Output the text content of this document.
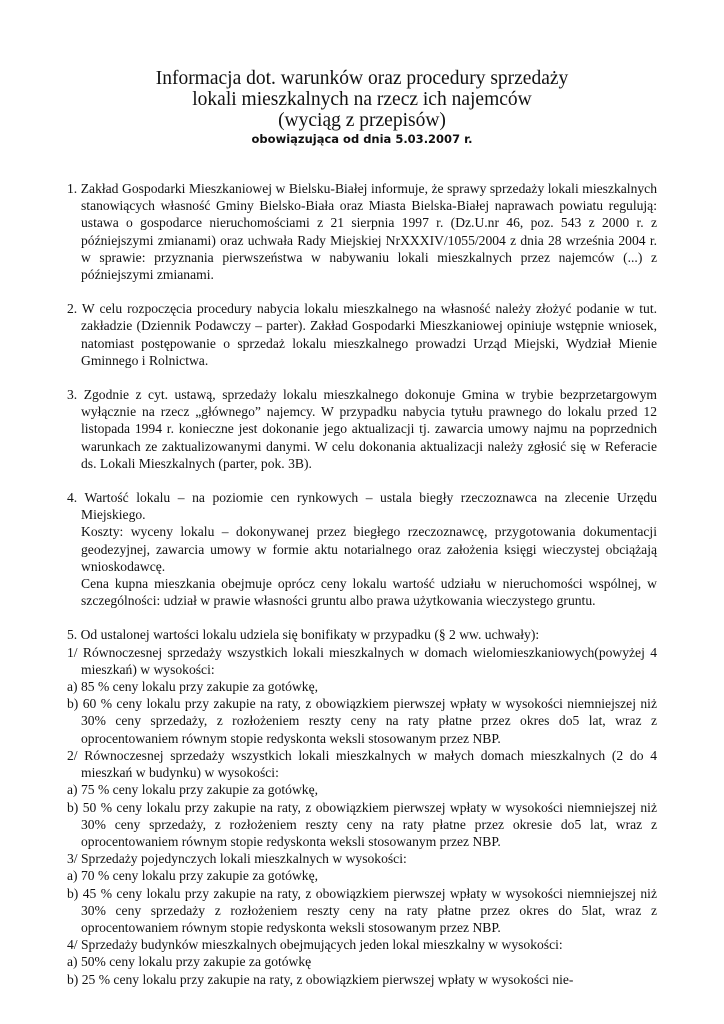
Informacja dot. warunków oraz procedury sprzedaży
lokali mieszkalnych na rzecz ich najemców
(wyciąg z przepisów)
obowiązująca od dnia 5.03.2007 r.
1. Zakład Gospodarki Mieszkaniowej w Bielsku-Białej informuje, że sprawy sprzedaży lokali mieszkalnych stanowiących własność Gminy Bielsko-Biała oraz Miasta Bielska-Białej naprawach powiatu regulują: ustawa o gospodarce nieruchomościami z 21 sierpnia 1997 r. (Dz.U.nr 46, poz. 543 z 2000 r. z późniejszymi zmianami) oraz uchwała Rady Miejskiej NrXXXIV/1055/2004 z dnia 28 września 2004 r. w sprawie: przyznania pierwszeństwa w nabywaniu lokali mieszkalnych przez najemców (...) z późniejszymi zmianami.
2. W celu rozpoczęcia procedury nabycia lokalu mieszkalnego na własność należy złożyć podanie w tut. zakładzie (Dziennik Podawczy – parter). Zakład Gospodarki Mieszkaniowej opiniuje wstępnie wniosek, natomiast postępowanie o sprzedaż lokalu mieszkalnego prowadzi Urząd Miejski, Wydział Mienie Gminnego i Rolnictwa.
3. Zgodnie z cyt. ustawą, sprzedaży lokalu mieszkalnego dokonuje Gmina w trybie bezprzetargowym wyłącznie na rzecz „głównego” najemcy. W przypadku nabycia tytułu prawnego do lokalu przed 12 listopada 1994 r. konieczne jest dokonanie jego aktualizacji tj. zawarcia umowy najmu na poprzednich warunkach ze zaktualizowanymi danymi. W celu dokonania aktualizacji należy zgłosić się w Referacie ds. Lokali Mieszkalnych (parter, pok. 3B).
4. Wartość lokalu – na poziomie cen rynkowych – ustala biegły rzeczoznawca na zlecenie Urzędu Miejskiego.
Koszty: wyceny lokalu – dokonywanej przez biegłego rzeczoznawcę, przygotowania dokumentacji geodezyjnej, zawarcia umowy w formie aktu notarialnego oraz założenia księgi wieczystej obciążają wnioskodawcę.
Cena kupna mieszkania obejmuje oprócz ceny lokalu wartość udziału w nieruchomości wspólnej, w szczególności: udział w prawie własności gruntu albo prawa użytkowania wieczystego gruntu.
5. Od ustalonej wartości lokalu udziela się bonifikaty w przypadku (§ 2 ww. uchwały):
1/ Równoczesnej sprzedaży wszystkich lokali mieszkalnych w domach wielomieszkaniowych(powyżej 4 mieszkań) w wysokości:
a) 85 % ceny lokalu przy zakupie za gotówkę,
b) 60 % ceny lokalu przy zakupie na raty, z obowiązkiem pierwszej wpłaty w wysokości niemniejszej niż 30% ceny sprzedaży, z rozłożeniem reszty ceny na raty płatne przez okres do5 lat, wraz z oprocentowaniem równym stopie redyskonta weksli stosowanym przez NBP.
2/ Równoczesnej sprzedaży wszystkich lokali mieszkalnych w małych domach mieszkalnych (2 do 4 mieszkań w budynku) w wysokości:
a) 75 % ceny lokalu przy zakupie za gotówkę,
b) 50 % ceny lokalu przy zakupie na raty, z obowiązkiem pierwszej wpłaty w wysokości niemniejszej niż 30% ceny sprzedaży, z rozłożeniem reszty ceny na raty płatne przez okresie do5 lat, wraz z oprocentowaniem równym stopie redyskonta weksli stosowanym przez NBP.
3/ Sprzedaży pojedynczych lokali mieszkalnych w wysokości:
a) 70 % ceny lokalu przy zakupie za gotówkę,
b) 45 % ceny lokalu przy zakupie na raty, z obowiązkiem pierwszej wpłaty w wysokości niemniejszej niż 30% ceny sprzedaży z rozłożeniem reszty ceny na raty płatne przez okres do 5lat, wraz z oprocentowaniem równym stopie redyskonta weksli stosowanym przez NBP.
4/ Sprzedaży budynków mieszkalnych obejmujących jeden lokal mieszkalny w wysokości:
a) 50% ceny lokalu przy zakupie za gotówkę
b) 25 % ceny lokalu przy zakupie na raty, z obowiązkiem pierwszej wpłaty w wysokości nie-
